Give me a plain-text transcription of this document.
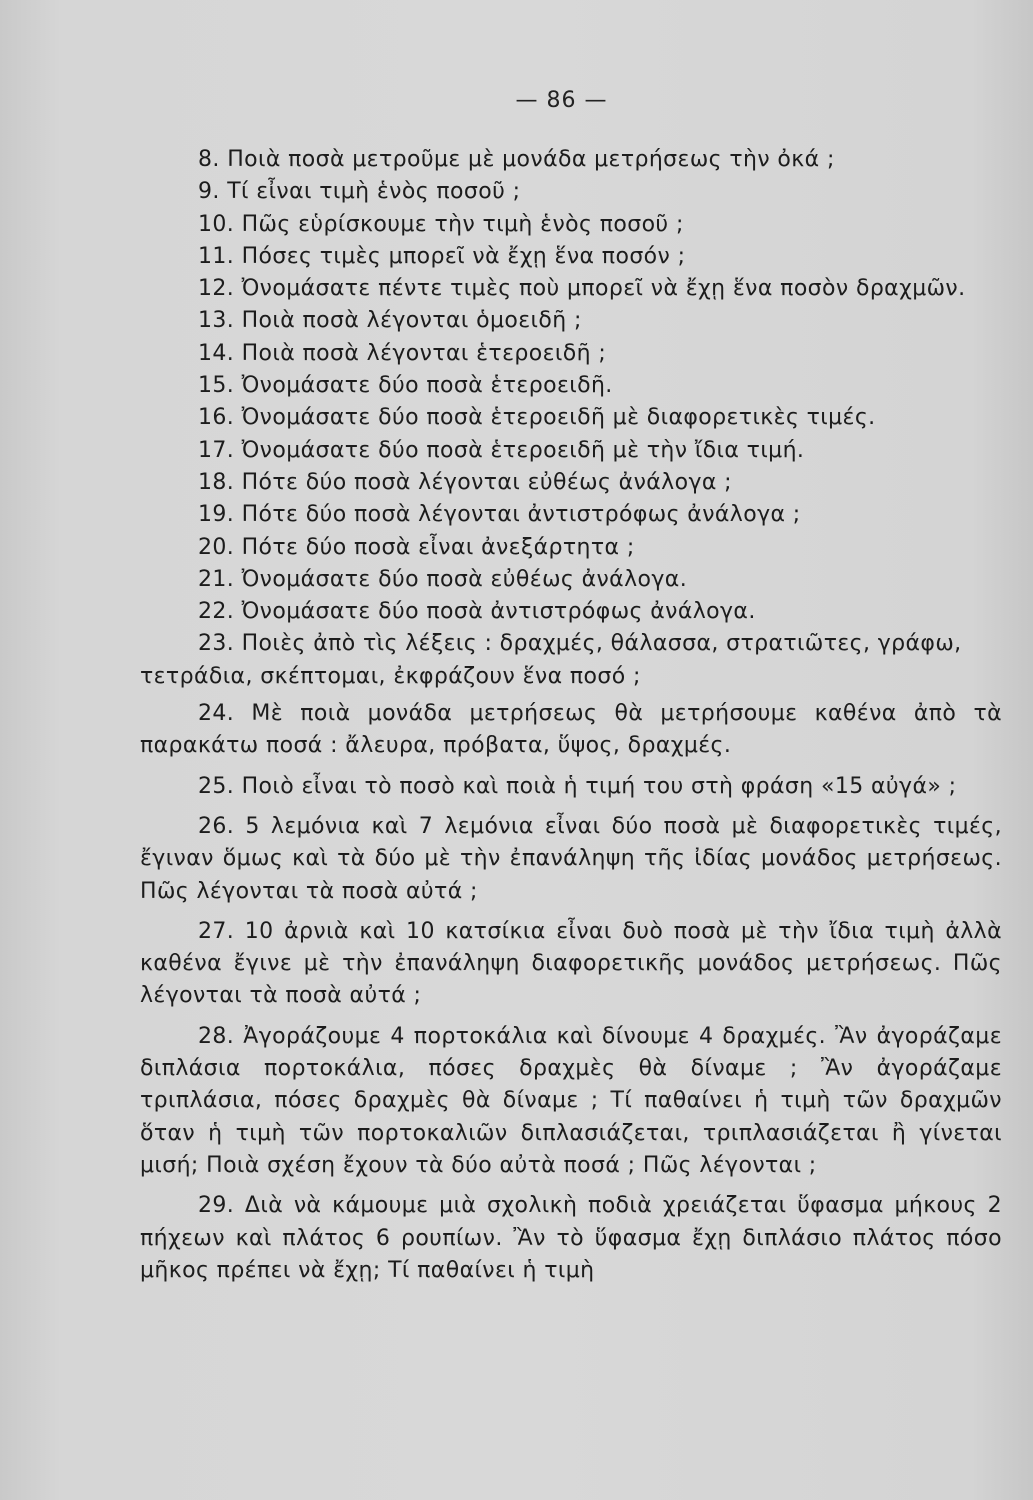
— 86 —

8. Ποιὰ ποσὰ μετροῦμε μὲ μονάδα μετρήσεως τὴν ὀκά ;

9. Τί εἶναι τιμὴ ἑνὸς ποσοῦ ;

10. Πῶς εὑρίσκουμε τὴν τιμὴ ἑνὸς ποσοῦ ;

11. Πόσες τιμὲς μπορεῖ νὰ ἔχῃ ἕνα ποσόν ;

12. Ὀνομάσατε πέντε τιμὲς ποὺ μπορεῖ νὰ ἔχῃ ἕνα ποσὸν δραχμῶν.

13. Ποιὰ ποσὰ λέγονται ὁμοειδῆ ;

14. Ποιὰ ποσὰ λέγονται ἑτεροειδῆ ;

15. Ὀνομάσατε δύο ποσὰ ἑτεροειδῆ.

16. Ὀνομάσατε δύο ποσὰ ἑτεροειδῆ μὲ διαφορετικὲς τιμές.

17. Ὀνομάσατε δύο ποσὰ ἑτεροειδῆ μὲ τὴν ἴδια τιμή.

18. Πότε δύο ποσὰ λέγονται εὐθέως ἀνάλογα ;

19. Πότε δύο ποσὰ λέγονται ἀντιστρόφως ἀνάλογα ;

20. Πότε δύο ποσὰ εἶναι ἀνεξάρτητα ;

21. Ὀνομάσατε δύο ποσὰ εὐθέως ἀνάλογα.

22. Ὀνομάσατε δύο ποσὰ ἀντιστρόφως ἀνάλογα.

23. Ποιὲς ἀπὸ τὶς λέξεις : δραχμές, θάλασσα, στρατιῶτες, γράφω, τετράδια, σκέπτομαι, ἐκφράζουν ἕνα ποσό ;

24. Μὲ ποιὰ μονάδα μετρήσεως θὰ μετρήσουμε καθένα ἀπὸ τὰ παρακάτω ποσά : ἄλευρα, πρόβατα, ὕψος, δραχμές.

25. Ποιὸ εἶναι τὸ ποσὸ καὶ ποιὰ ἡ τιμή του στὴ φράση «15 αὐγά» ;

26. 5 λεμόνια καὶ 7 λεμόνια εἶναι δύο ποσὰ μὲ διαφορετικὲς τιμές, ἔγιναν ὅμως καὶ τὰ δύο μὲ τὴν ἐπανάληψη τῆς ἰδίας μονάδος μετρήσεως. Πῶς λέγονται τὰ ποσὰ αὐτά ;

27. 10 ἀρνιὰ καὶ 10 κατσίκια εἶναι δυὸ ποσὰ μὲ τὴν ἴδια τιμὴ ἀλλὰ καθένα ἔγινε μὲ τὴν ἐπανάληψη διαφορετικῆς μονάδος μετρήσεως. Πῶς λέγονται τὰ ποσὰ αὐτά ;

28. Ἀγοράζουμε 4 πορτοκάλια καὶ δίνουμε 4 δραχμές. Ἂν ἀγοράζαμε διπλάσια πορτοκάλια, πόσες δραχμὲς θὰ δίναμε ; Ἂν ἀγοράζαμε τριπλάσια, πόσες δραχμὲς θὰ δίναμε ; Τί παθαίνει ἡ τιμὴ τῶν δραχμῶν ὅταν ἡ τιμὴ τῶν πορτοκαλιῶν διπλασιάζεται, τριπλασιάζεται ἢ γίνεται μισή; Ποιὰ σχέση ἔχουν τὰ δύο αὐτὰ ποσά ; Πῶς λέγονται ;

29. Διὰ νὰ κάμουμε μιὰ σχολικὴ ποδιὰ χρειάζεται ὕφασμα μήκους 2 πήχεων καὶ πλάτος 6 ρουπίων. Ἂν τὸ ὕφασμα ἔχῃ διπλάσιο πλάτος πόσο μῆκος πρέπει νὰ ἔχῃ; Τί παθαίνει ἡ τιμὴ
